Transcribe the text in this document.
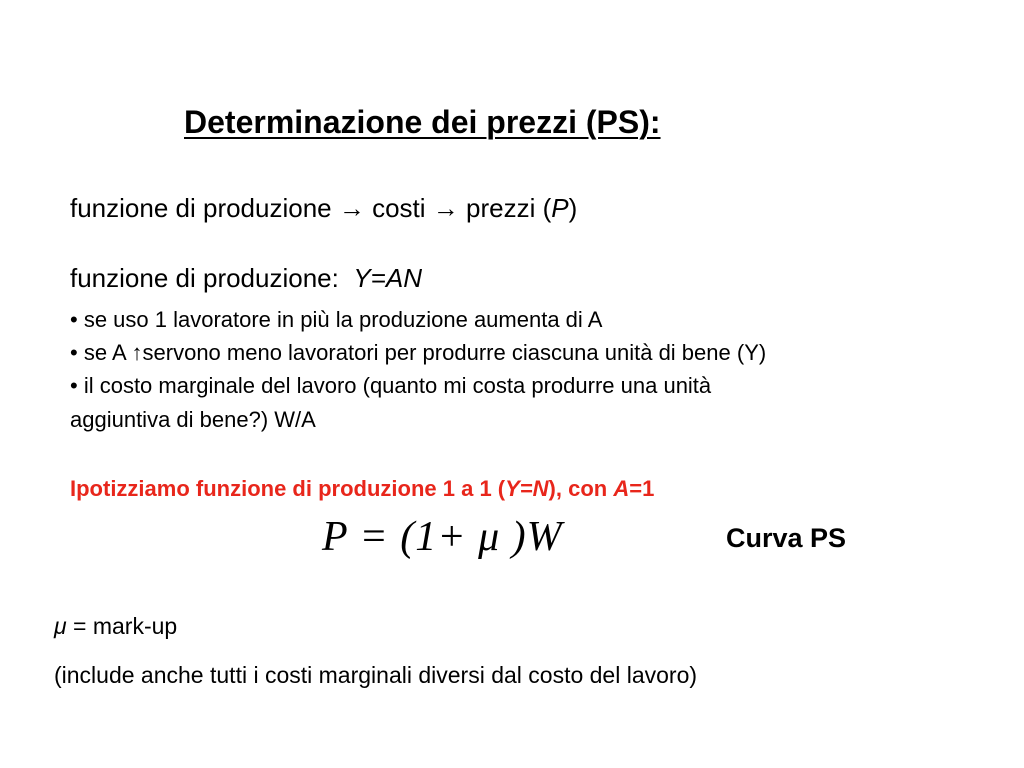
Determinazione dei prezzi (PS):
funzione di produzione → costi → prezzi (P)
funzione di produzione: Y=AN
• se uso 1 lavoratore in più la produzione aumenta di A
• se A ↑servono meno lavoratori per produrre ciascuna unità di bene (Y)
• il costo marginale del lavoro (quanto mi costa produrre una unità
aggiuntiva di bene?) W/A
Ipotizziamo funzione di produzione 1 a 1 (Y=N), con A=1
P = (1+ μ )W	Curva PS
μ = mark-up
(include anche tutti i costi marginali diversi dal costo del lavoro)
